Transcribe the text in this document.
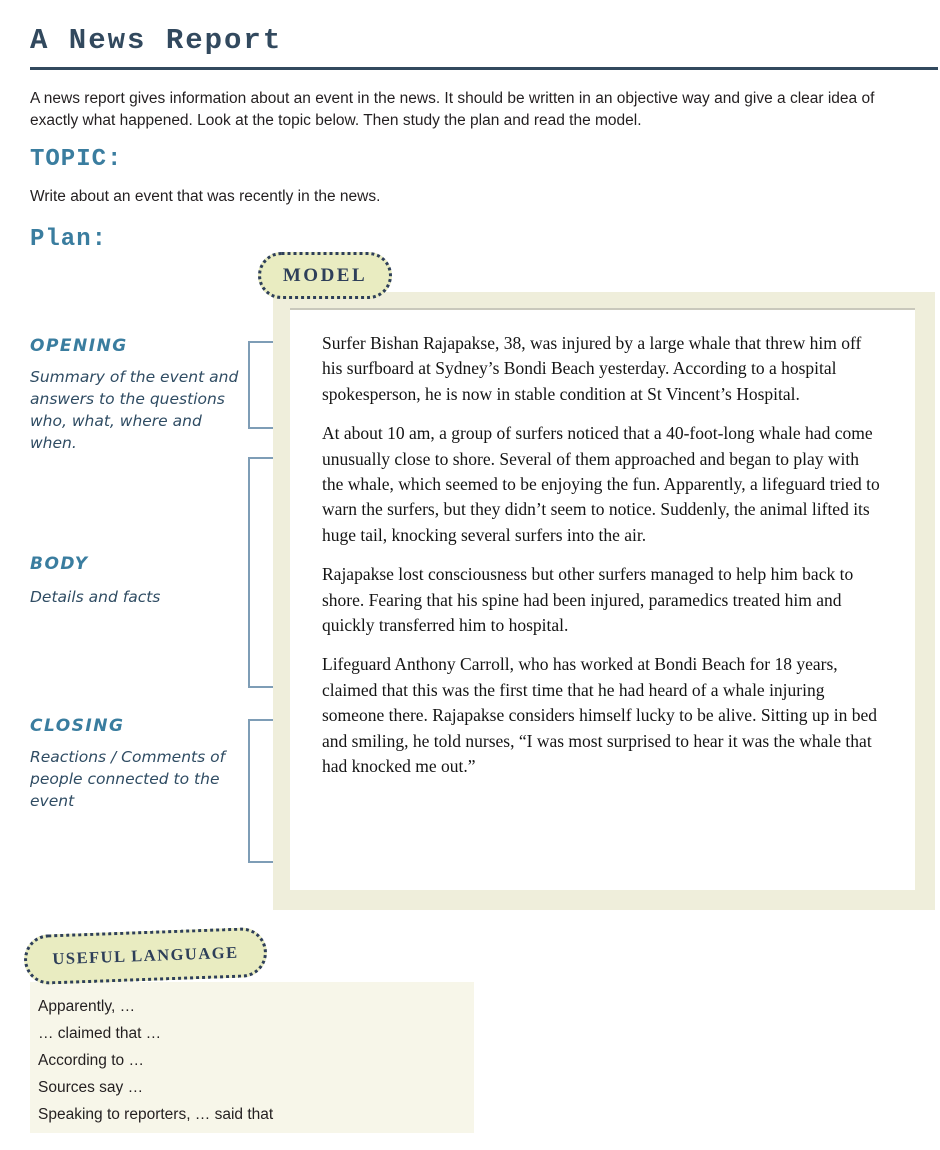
A News Report

A news report gives information about an event in the news. It should be written in an objective way and give a clear idea of exactly what happened. Look at the topic below. Then study the plan and read the model.

TOPIC:

Write about an event that was recently in the news.

Plan:
OPENING
Summary of the event and answers to the questions who, what, where and when.
BODY
Details and facts
CLOSING
Reactions / Comments of people connected to the event

Surfer Bishan Rajapakse, 38, was injured by a large whale that threw him off his surfboard at Sydney’s Bondi Beach yesterday. According to a hospital spokesperson, he is now in stable condition at St Vincent’s Hospital.

At about 10 am, a group of surfers noticed that a 40-foot-long whale had come unusually close to shore. Several of them approached and began to play with the whale, which seemed to be enjoying the fun. Apparently, a lifeguard tried to warn the surfers, but they didn’t seem to notice. Suddenly, the animal lifted its huge tail, knocking several surfers into the air.

Rajapakse lost consciousness but other surfers managed to help him back to shore. Fearing that his spine had been injured, paramedics treated him and quickly transferred him to hospital.

Lifeguard Anthony Carroll, who has worked at Bondi Beach for 18 years, claimed that this was the first time that he had heard of a whale injuring someone there. Rajapakse considers himself lucky to be alive. Sitting up in bed and smiling, he told nurses, “I was most surprised to hear it was the whale that had knocked me out.”

MODEL
USEFUL LANGUAGE
Apparently, …
… claimed that …
According to …
Sources say …
Speaking to reporters, … said that
